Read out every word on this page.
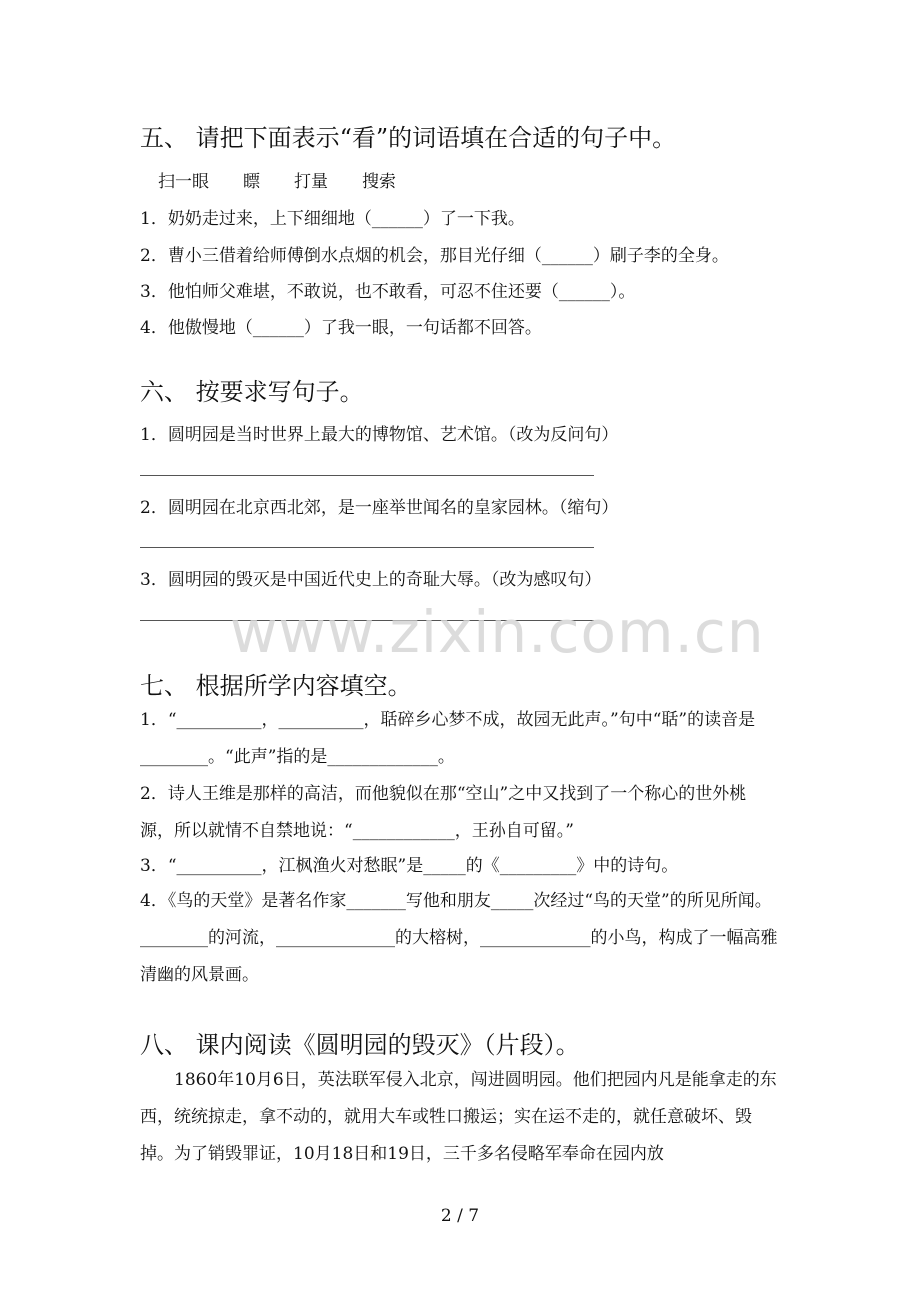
五、 请把下面表示“看”的词语填在合适的句子中。
扫一眼　　瞟　　打量　　搜索
1．奶奶走过来，上下细细地（______）了一下我。
2．曹小三借着给师傅倒水点烟的机会，那目光仔细（______）刷子李的全身。
3．他怕师父难堪，不敢说，也不敢看，可忍不住还要（______）。
4．他傲慢地（______）了我一眼，一句话都不回答。
六、 按要求写句子。
1．圆明园是当时世界上最大的博物馆、艺术馆。（改为反问句）
2．圆明园在北京西北郊，是一座举世闻名的皇家园林。（缩句）
3．圆明园的毁灭是中国近代史上的奇耻大辱。（改为感叹句）
www.zixin.com.cn
七、 根据所学内容填空。
1．“__________，__________，聒碎乡心梦不成，故园无此声。”句中“聒”的读音是________。“此声”指的是_____________。
2．诗人王维是那样的高洁，而他貌似在那“空山”之中又找到了一个称心的世外桃源，所以就情不自禁地说：“____________，王孙自可留。”
3．“__________，江枫渔火对愁眠”是_____的《_________》中的诗句。
4．《鸟的天堂》是著名作家_______写他和朋友_____次经过“鸟的天堂”的所见所闻。________的河流，______________的大榕树，_____________的小鸟，构成了一幅高雅清幽的风景画。
八、 课内阅读《圆明园的毁灭》（片段）。
1860年10月6日，英法联军侵入北京，闯进圆明园。他们把园内凡是能拿走的东西，统统掠走，拿不动的，就用大车或牲口搬运；实在运不走的，就任意破坏、毁掉。为了销毁罪证，10月18日和19日，三千多名侵略军奉命在园内放
2 / 7
